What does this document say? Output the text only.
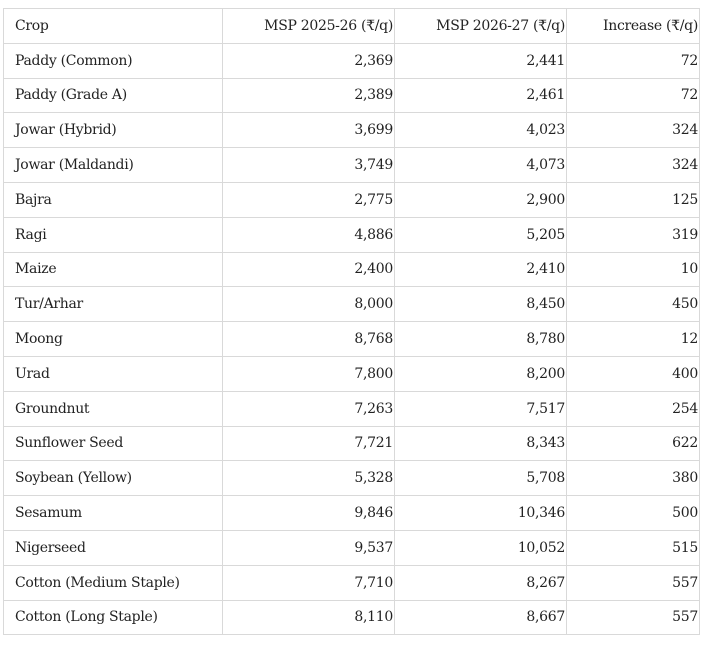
Crop	MSP 2025-26 (₹/q)	MSP 2026-27 (₹/q)	Increase (₹/q)
Paddy (Common)	2,369	2,441	72
Paddy (Grade A)	2,389	2,461	72
Jowar (Hybrid)	3,699	4,023	324
Jowar (Maldandi)	3,749	4,073	324
Bajra	2,775	2,900	125
Ragi	4,886	5,205	319
Maize	2,400	2,410	10
Tur/Arhar	8,000	8,450	450
Moong	8,768	8,780	12
Urad	7,800	8,200	400
Groundnut	7,263	7,517	254
Sunflower Seed	7,721	8,343	622
Soybean (Yellow)	5,328	5,708	380
Sesamum	9,846	10,346	500
Nigerseed	9,537	10,052	515
Cotton (Medium Staple)	7,710	8,267	557
Cotton (Long Staple)	8,110	8,667	557
